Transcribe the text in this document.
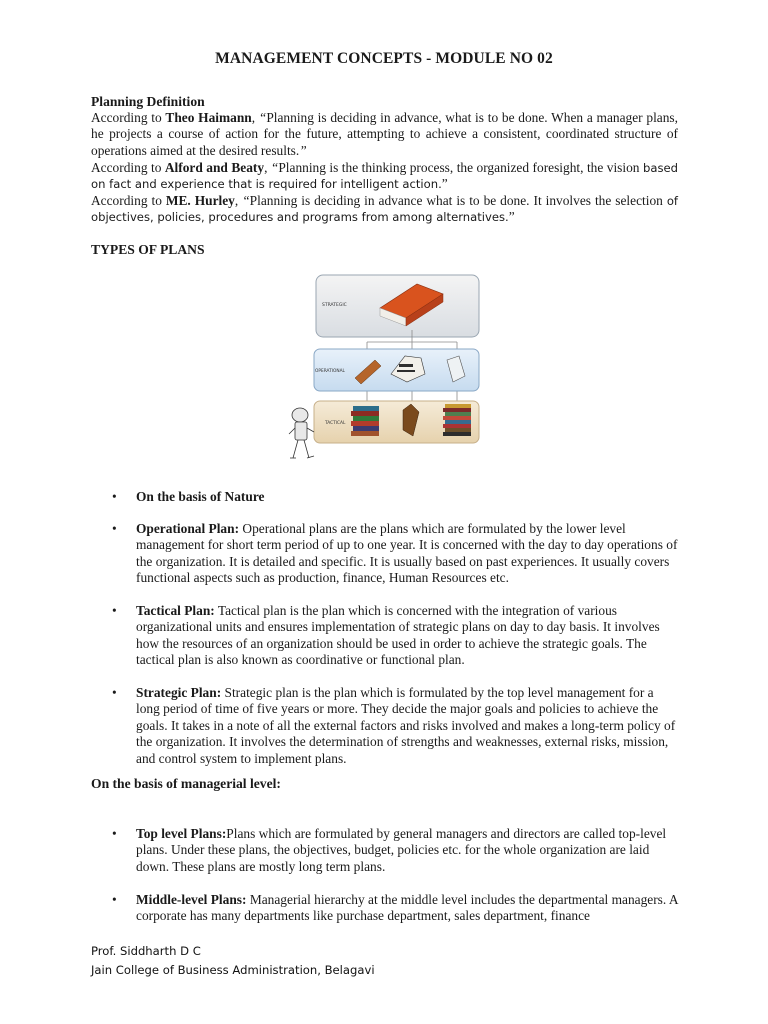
MANAGEMENT CONCEPTS - MODULE NO 02
Planning Definition
According to Theo Haimann, “Planning is deciding in advance, what is to be done. When a manager plans, he projects a course of action for the future, attempting to achieve a consistent, coordinated structure of operations aimed at the desired results.”
According to Alford and Beaty, “Planning is the thinking process, the organized foresight, the vision based on fact and experience that is required for intelligent action.”
According to ME. Hurley, “Planning is deciding in advance what is to be done. It involves the selection of objectives, policies, procedures and programs from among alternatives.”
TYPES OF PLANS
STRATEGIC
OPERATIONAL
TACTICAL
• On the basis of Nature
• Operational Plan: Operational plans are the plans which are formulated by the lower level management for short term period of up to one year. It is concerned with the day to day operations of the organization. It is detailed and specific. It is usually based on past experiences. It usually covers functional aspects such as production, finance, Human Resources etc.
• Tactical Plan: Tactical plan is the plan which is concerned with the integration of various organizational units and ensures implementation of strategic plans on day to day basis. It involves how the resources of an organization should be used in order to achieve the strategic goals. The tactical plan is also known as coordinative or functional plan.
• Strategic Plan: Strategic plan is the plan which is formulated by the top level management for a long period of time of five years or more. They decide the major goals and policies to achieve the goals. It takes in a note of all the external factors and risks involved and makes a long-term policy of the organization. It involves the determination of strengths and weaknesses, external risks, mission, and control system to implement plans.
On the basis of managerial level:
• Top level Plans:Plans which are formulated by general managers and directors are called top-level plans. Under these plans, the objectives, budget, policies etc. for the whole organization are laid down. These plans are mostly long term plans.
• Middle-level Plans: Managerial hierarchy at the middle level includes the departmental managers. A corporate has many departments like purchase department, sales department, finance
Prof. Siddharth D C
Jain College of Business Administration, Belagavi
